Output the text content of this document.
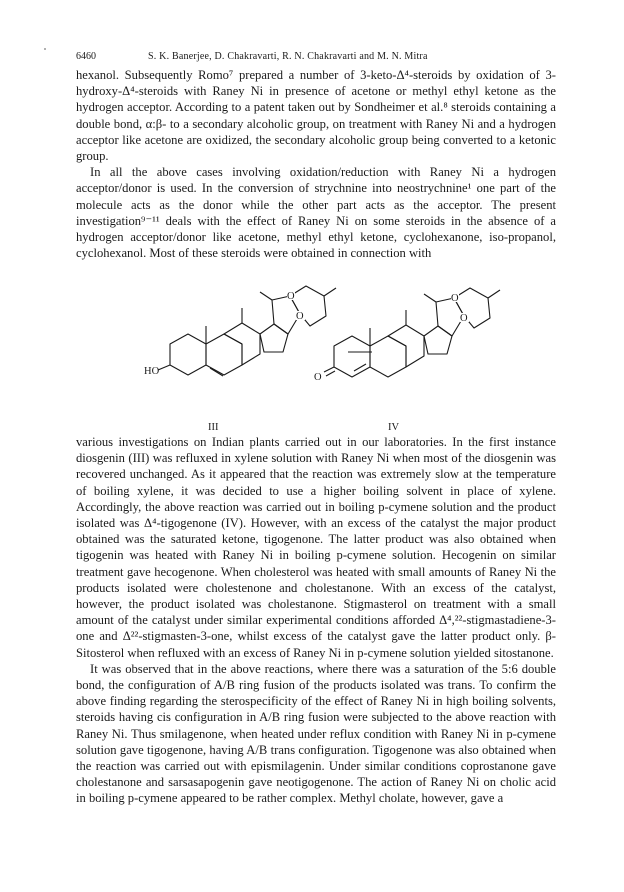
6460	S. K. Banerjee, D. Chakravarti, R. N. Chakravarti and M. N. Mitra

hexanol. Subsequently Romo⁷ prepared a number of 3-keto-Δ⁴-steroids by oxidation of 3-hydroxy-Δ⁴-steroids with Raney Ni in presence of acetone or methyl ethyl ketone as the hydrogen acceptor. According to a patent taken out by Sondheimer et al.⁸ steroids containing a double bond, α:β- to a secondary alcoholic group, on treatment with Raney Ni and a hydrogen acceptor like acetone are oxidized, the secondary alcoholic group being converted to a ketonic group.

In all the above cases involving oxidation/reduction with Raney Ni a hydrogen acceptor/donor is used. In the conversion of strychnine into neostrychnine¹ one part of the molecule acts as the donor while the other part acts as the acceptor. The present investigation⁹⁻¹¹ deals with the effect of Raney Ni on some steroids in the absence of a hydrogen acceptor/donor like acetone, methyl ethyl ketone, cyclohexanone, iso-propanol, cyclohexanol. Most of these steroids were obtained in connection with

O
O
HO
O
O
O
III	IV

various investigations on Indian plants carried out in our laboratories. In the first instance diosgenin (III) was refluxed in xylene solution with Raney Ni when most of the diosgenin was recovered unchanged. As it appeared that the reaction was extremely slow at the temperature of boiling xylene, it was decided to use a higher boiling solvent in place of xylene. Accordingly, the above reaction was carried out in boiling p-cymene solution and the product isolated was Δ⁴-tigogenone (IV). However, with an excess of the catalyst the major product obtained was the saturated ketone, tigogenone. The latter product was also obtained when tigogenin was heated with Raney Ni in boiling p-cymene solution. Hecogenin on similar treatment gave hecogenone. When cholesterol was heated with small amounts of Raney Ni the products isolated were cholestenone and cholestanone. With an excess of the catalyst, however, the product isolated was cholestanone. Stigmasterol on treatment with a small amount of the catalyst under similar experimental conditions afforded Δ⁴,²²-stigmastadiene-3-one and Δ²²-stigmasten-3-one, whilst excess of the catalyst gave the latter product only. β-Sitosterol when refluxed with an excess of Raney Ni in p-cymene solution yielded sitostanone.

It was observed that in the above reactions, where there was a saturation of the 5:6 double bond, the configuration of A/B ring fusion of the products isolated was trans. To confirm the above finding regarding the sterospecificity of the effect of Raney Ni in high boiling solvents, steroids having cis configuration in A/B ring fusion were subjected to the above reaction with Raney Ni. Thus smilagenone, when heated under reflux condition with Raney Ni in p-cymene solution gave tigogenone, having A/B trans configuration. Tigogenone was also obtained when the reaction was carried out with epismilagenin. Under similar conditions coprostanone gave cholestanone and sarsasapogenin gave neotigogenone. The action of Raney Ni on cholic acid in boiling p-cymene appeared to be rather complex. Methyl cholate, however, gave a
